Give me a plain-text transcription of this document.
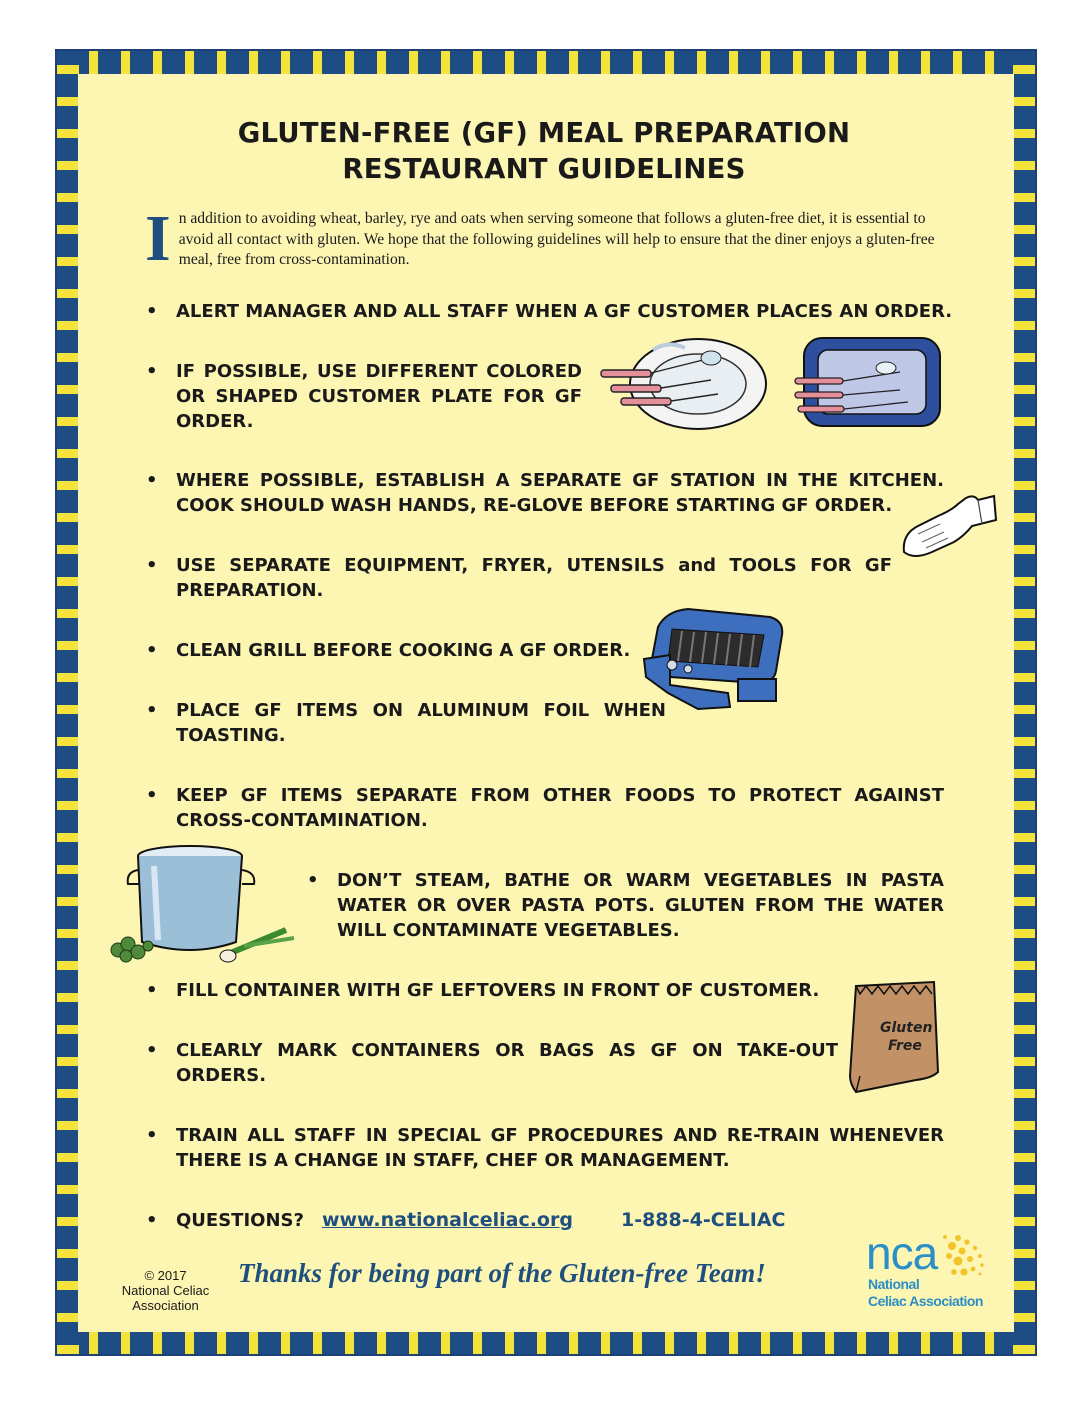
GLUTEN-FREE (GF) MEAL PREPARATION
RESTAURANT GUIDELINES
In addition to avoiding wheat, barley, rye and oats when serving someone that follows a gluten-free diet, it is essential to avoid all contact with gluten. We hope that the following guidelines will help to ensure that the diner enjoys a gluten-free meal, free from cross-contamination.
• ALERT MANAGER AND ALL STAFF WHEN A GF CUSTOMER PLACES AN ORDER.
• IF POSSIBLE, USE DIFFERENT COLORED OR SHAPED CUSTOMER PLATE FOR GF ORDER.
• WHERE POSSIBLE, ESTABLISH A SEPARATE GF STATION IN THE KITCHEN. COOK SHOULD WASH HANDS, RE-GLOVE BEFORE STARTING GF ORDER.
• USE SEPARATE EQUIPMENT, FRYER, UTENSILS and TOOLS FOR GF PREPARATION.
• CLEAN GRILL BEFORE COOKING A GF ORDER.
• PLACE GF ITEMS ON ALUMINUM FOIL WHEN TOASTING.
• KEEP GF ITEMS SEPARATE FROM OTHER FOODS TO PROTECT AGAINST CROSS-CONTAMINATION.
• DON’T STEAM, BATHE OR WARM VEGETABLES IN PASTA WATER OR OVER PASTA POTS. GLUTEN FROM THE WATER WILL CONTAMINATE VEGETABLES.
• FILL CONTAINER WITH GF LEFTOVERS IN FRONT OF CUSTOMER.
• CLEARLY MARK CONTAINERS OR BAGS AS GF ON TAKE-OUT ORDERS.
• TRAIN ALL STAFF IN SPECIAL GF PROCEDURES AND RE-TRAIN WHENEVER THERE IS A CHANGE IN STAFF, CHEF OR MANAGEMENT.
• QUESTIONS? www.nationalceliac.org	1-888-4-CELIAC
© 2017
National Celiac
Association
Thanks for being part of the Gluten-free Team!	nca
National
Celiac Association
Gluten
Free
